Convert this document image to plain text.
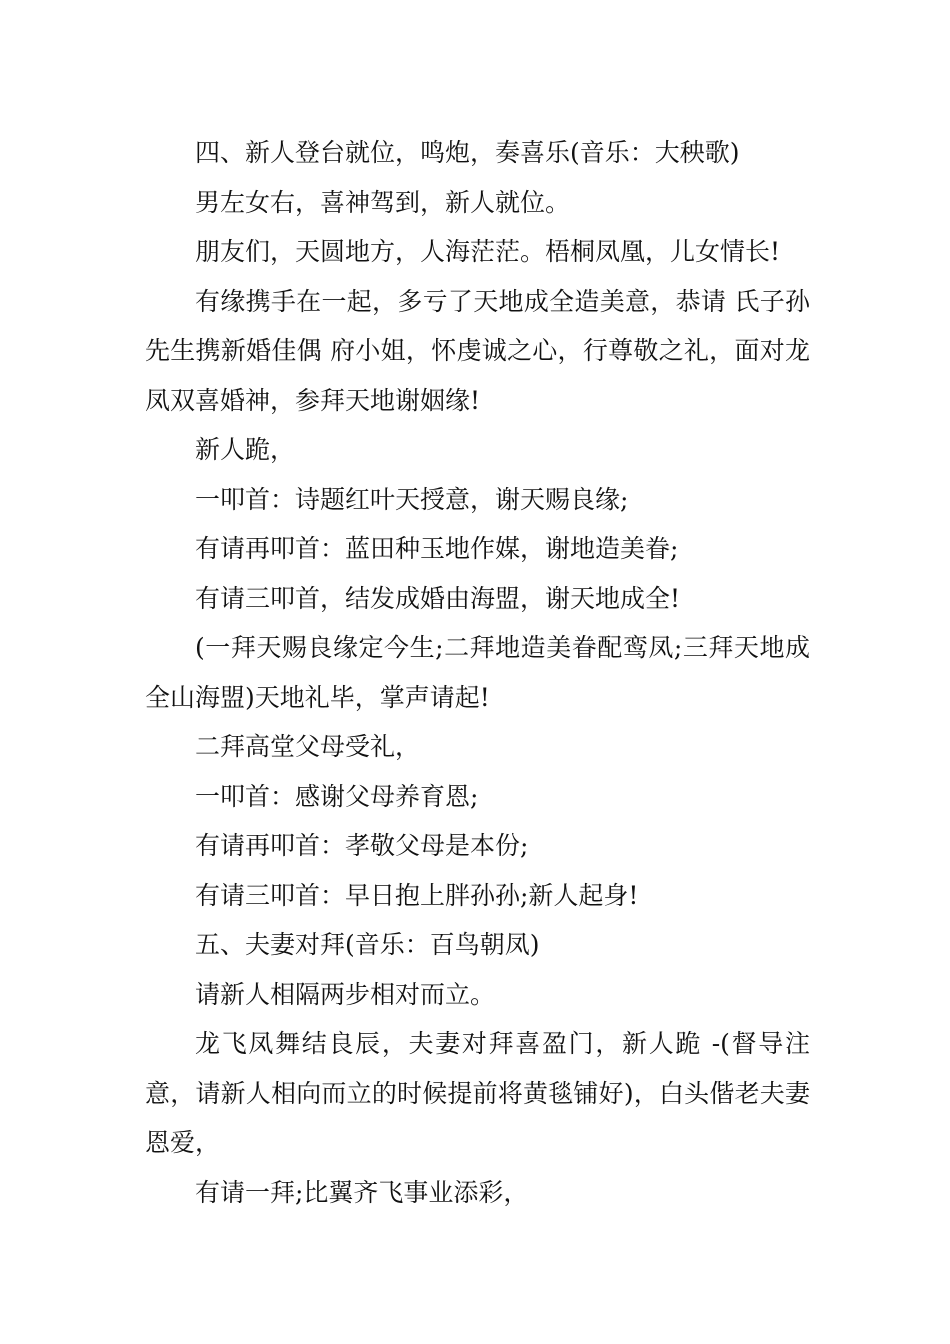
四、新人登台就位，鸣炮，奏喜乐(音乐：大秧歌)

男左女右，喜神驾到，新人就位。

朋友们，天圆地方，人海茫茫。梧桐凤凰，儿女情长!

有缘携手在一起，多亏了天地成全造美意，恭请 氏子孙 先生携新婚佳偶 府小姐，怀虔诚之心，行尊敬之礼，面对龙凤双喜婚神，参拜天地谢姻缘!

新人跪，

一叩首：诗题红叶天授意，谢天赐良缘;

有请再叩首：蓝田种玉地作媒，谢地造美眷;

有请三叩首，结发成婚由海盟，谢天地成全!

(一拜天赐良缘定今生;二拜地造美眷配鸾凤;三拜天地成全山海盟)天地礼毕，掌声请起!

二拜高堂父母受礼，

一叩首：感谢父母养育恩;

有请再叩首：孝敬父母是本份;

有请三叩首：早日抱上胖孙孙;新人起身!

五、夫妻对拜(音乐：百鸟朝凤)

请新人相隔两步相对而立。

龙飞凤舞结良辰，夫妻对拜喜盈门，新人跪 -(督导注意，请新人相向而立的时候提前将黄毯铺好)，白头偕老夫妻恩爱，

有请一拜;比翼齐飞事业添彩，
